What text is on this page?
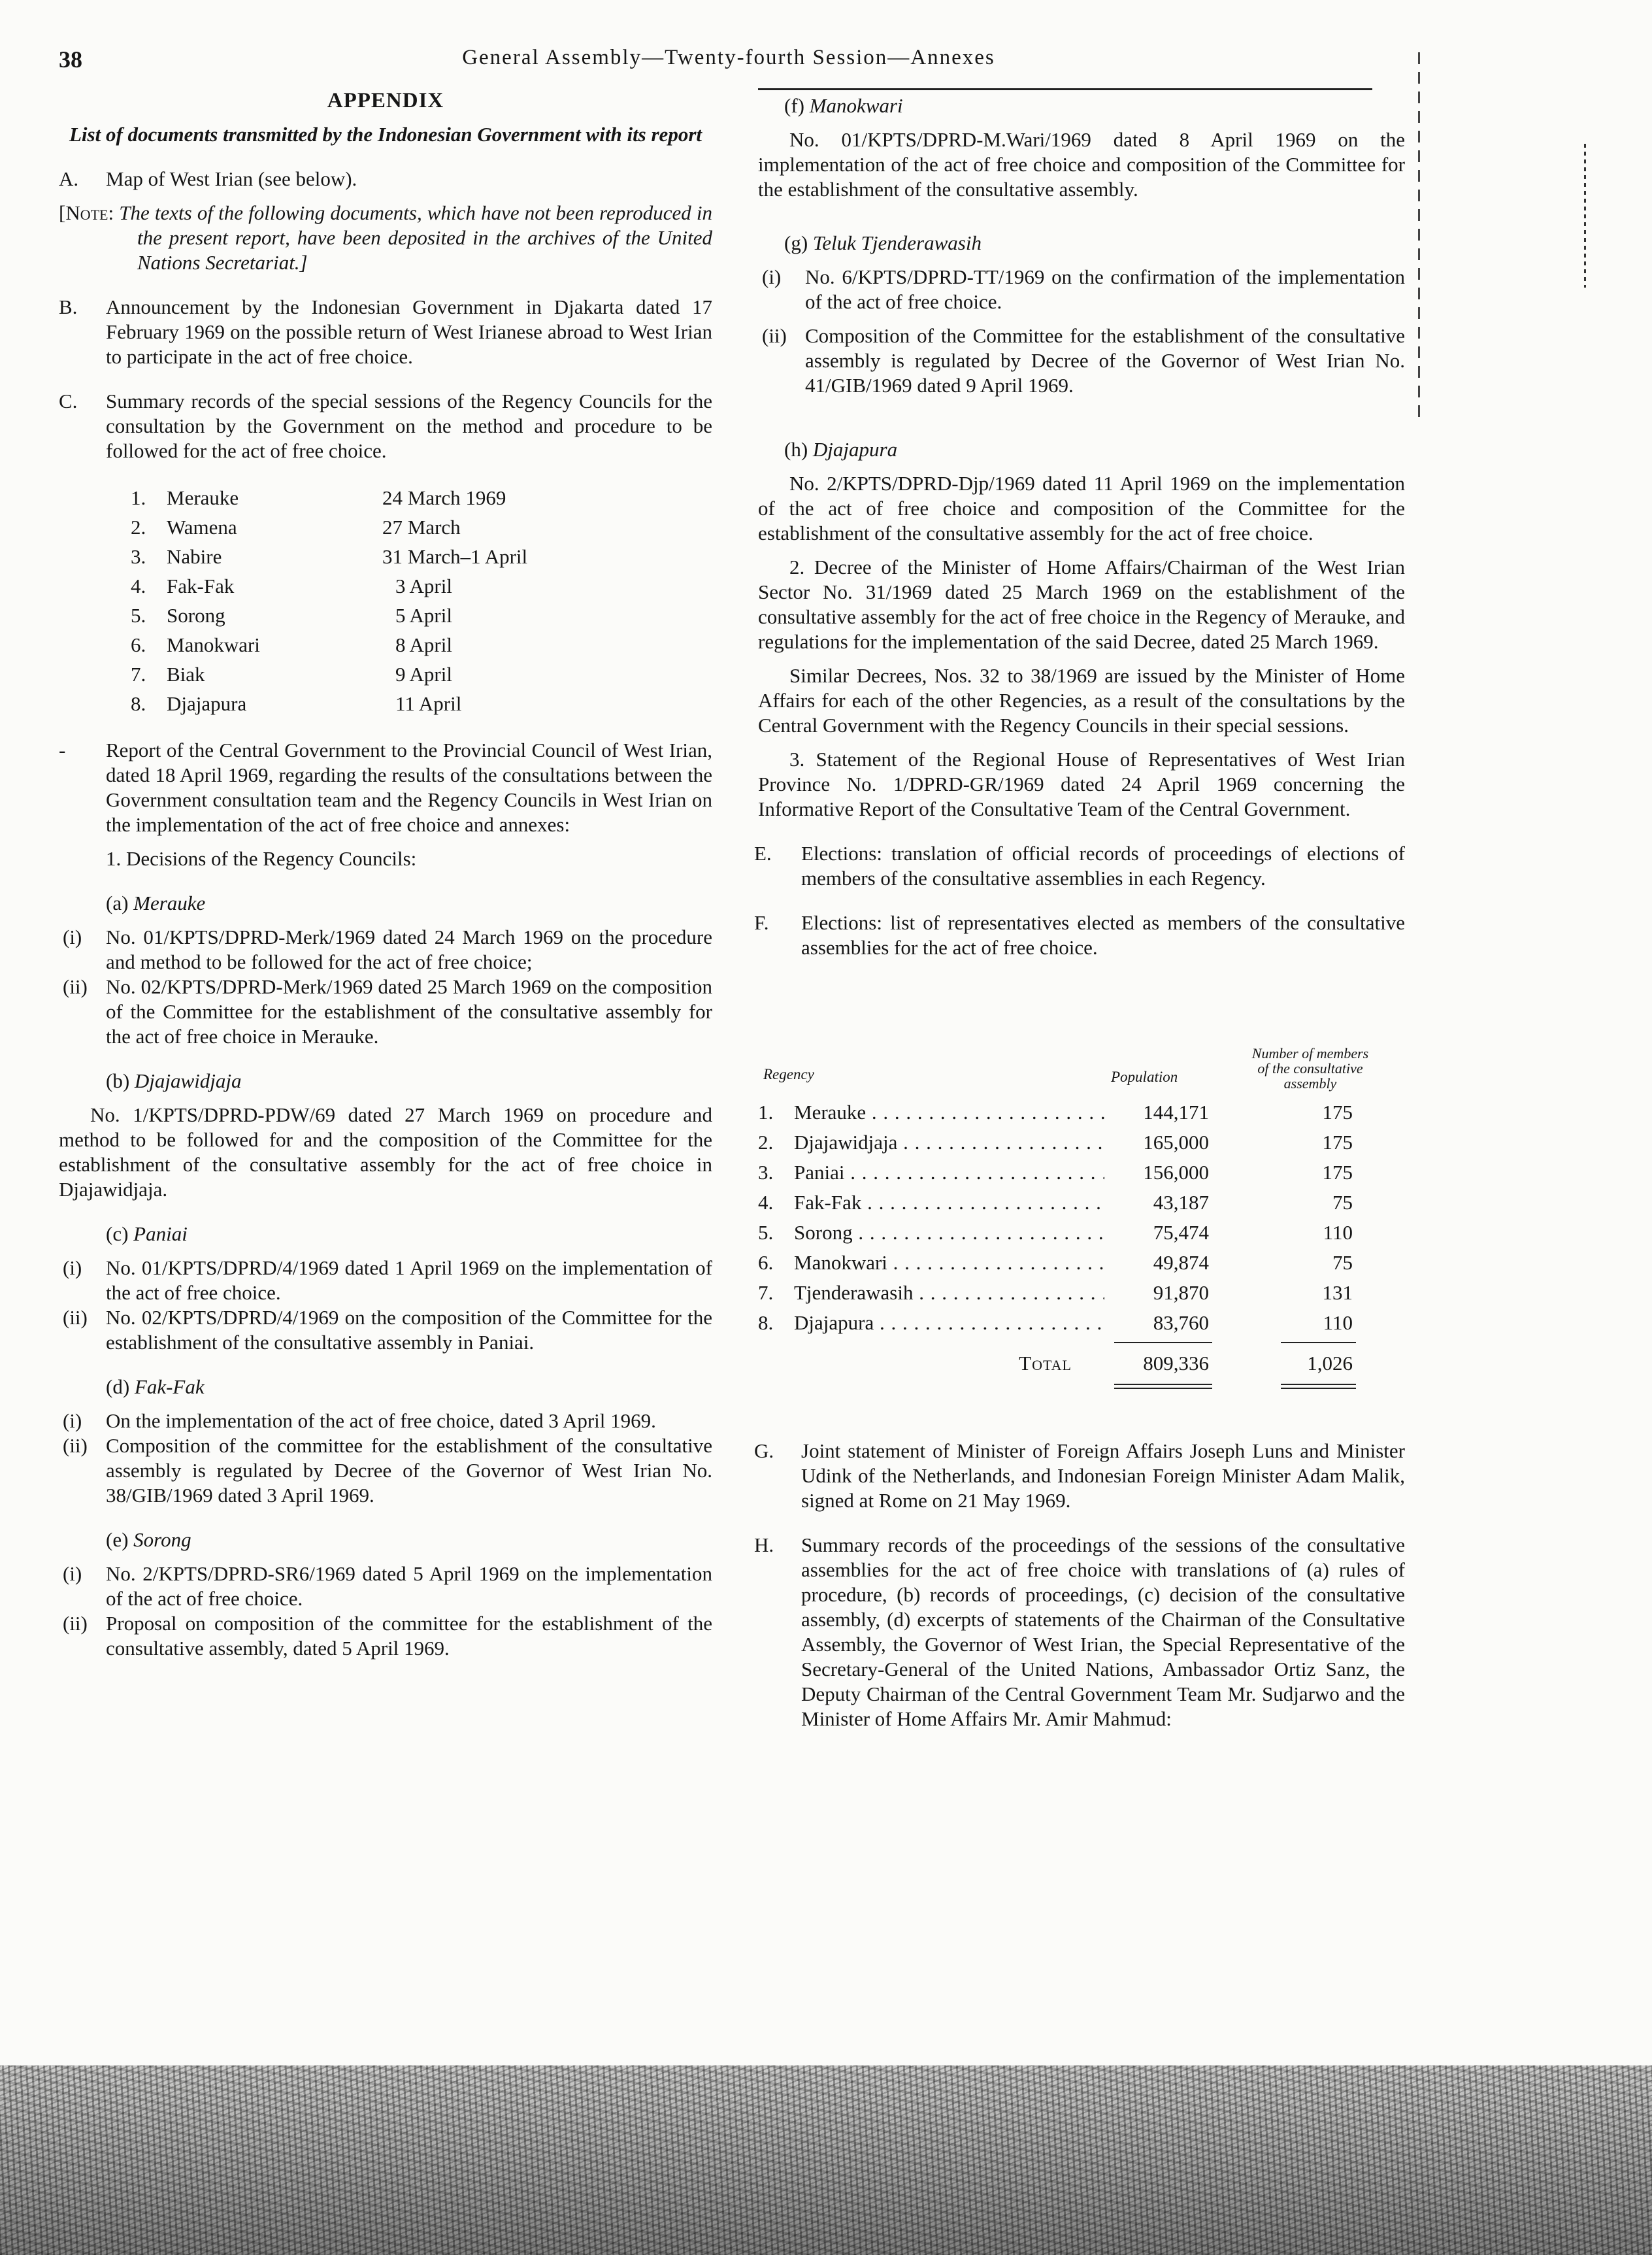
38	General Assembly—Twenty-fourth Session—Annexes

APPENDIX

List of documents transmitted by the Indonesian Government with its report

A. Map of West Irian (see below).

[Note: The texts of the following documents, which have not been reproduced in the present report, have been deposited in the archives of the United Nations Secretariat.]

B. Announcement by the Indonesian Government in Djakarta dated 17 February 1969 on the possible return of West Irianese abroad to West Irian to participate in the act of free choice.
C. Summary records of the special sessions of the Regency Councils for the consultation by the Government on the method and procedure to be followed for the act of free choice.
1.	Merauke	24 March 1969
2.	Wamena	27 March
3.	Nabire	31 March–1 April
4.	Fak-Fak	3 April
5.	Sorong	5 April
6.	Manokwari	8 April
7.	Biak	9 April
8.	Djajapura	11 April
- Report of the Central Government to the Provincial Council of West Irian, dated 18 April 1969, regarding the results of the consultations between the Government consultation team and the Regency Councils in West Irian on the implementation of the act of free choice and annexes:

1. Decisions of the Regency Councils:

(a) Merauke

(i) No. 01/KPTS/DPRD-Merk/1969 dated 24 March 1969 on the procedure and method to be followed for the act of free choice;
(ii) No. 02/KPTS/DPRD-Merk/1969 dated 25 March 1969 on the composition of the Committee for the establishment of the consultative assembly for the act of free choice in Merauke.

(b) Djajawidjaja

No. 1/KPTS/DPRD-PDW/69 dated 27 March 1969 on procedure and method to be followed for and the composition of the Committee for the establishment of the consultative assembly for the act of free choice in Djajawidjaja.

(c) Paniai

(i) No. 01/KPTS/DPRD/4/1969 dated 1 April 1969 on the implementation of the act of free choice.
(ii) No. 02/KPTS/DPRD/4/1969 on the composition of the Committee for the establishment of the consultative assembly in Paniai.

(d) Fak-Fak

(i) On the implementation of the act of free choice, dated 3 April 1969.
(ii) Composition of the committee for the establishment of the consultative assembly is regulated by Decree of the Governor of West Irian No. 38/GIB/1969 dated 3 April 1969.

(e) Sorong

(i) No. 2/KPTS/DPRD-SR6/1969 dated 5 April 1969 on the implementation of the act of free choice.
(ii) Proposal on composition of the committee for the establishment of the consultative assembly, dated 5 April 1969.

(f) Manokwari

No. 01/KPTS/DPRD-M.Wari/1969 dated 8 April 1969 on the implementation of the act of free choice and composition of the Committee for the establishment of the consultative assembly.

(g) Teluk Tjenderawasih

(i) No. 6/KPTS/DPRD-TT/1969 on the confirmation of the implementation of the act of free choice.
(ii) Composition of the Committee for the establishment of the consultative assembly is regulated by Decree of the Governor of West Irian No. 41/GIB/1969 dated 9 April 1969.

(h) Djajapura

No. 2/KPTS/DPRD-Djp/1969 dated 11 April 1969 on the implementation of the act of free choice and composition of the Committee for the establishment of the consultative assembly for the act of free choice.

2. Decree of the Minister of Home Affairs/Chairman of the West Irian Sector No. 31/1969 dated 25 March 1969 on the establishment of the consultative assembly for the act of free choice in the Regency of Merauke, and regulations for the implementation of the said Decree, dated 25 March 1969.

Similar Decrees, Nos. 32 to 38/1969 are issued by the Minister of Home Affairs for each of the other Regencies, as a result of the consultations by the Central Government with the Regency Councils in their special sessions.

3. Statement of the Regional House of Representatives of West Irian Province No. 1/DPRD-GR/1969 dated 24 April 1969 concerning the Informative Report of the Consultative Team of the Central Government.

E. Elections: translation of official records of proceedings of elections of members of the consultative assemblies in each Regency.
F. Elections: list of representatives elected as members of the consultative assemblies for the act of free choice.
Regency	Population
Number of members of the consultative assembly
1.	Merauke . . .	144,171	175
2.	Djajawidjaja . . .	165,000	175
3.	Paniai . . .	156,000	175
4.	Fak-Fak . . .	43,187	75
5.	Sorong . . .	75,474	110
6.	Manokwari . . .	49,874	75
7.	Tjenderawasih . . .	91,870	131
8.	Djajapura . . .	83,760	110
Total	809,336	1,026
G. Joint statement of Minister of Foreign Affairs Joseph Luns and Minister Udink of the Netherlands, and Indonesian Foreign Minister Adam Malik, signed at Rome on 21 May 1969.
H. Summary records of the proceedings of the sessions of the consultative assemblies for the act of free choice with translations of (a) rules of procedure, (b) records of proceedings, (c) decision of the consultative assembly, (d) excerpts of statements of the Chairman of the Consultative Assembly, the Governor of West Irian, the Special Representative of the Secretary-General of the United Nations, Ambassador Ortiz Sanz, the Deputy Chairman of the Central Government Team Mr. Sudjarwo and the Minister of Home Affairs Mr. Amir Mahmud:
